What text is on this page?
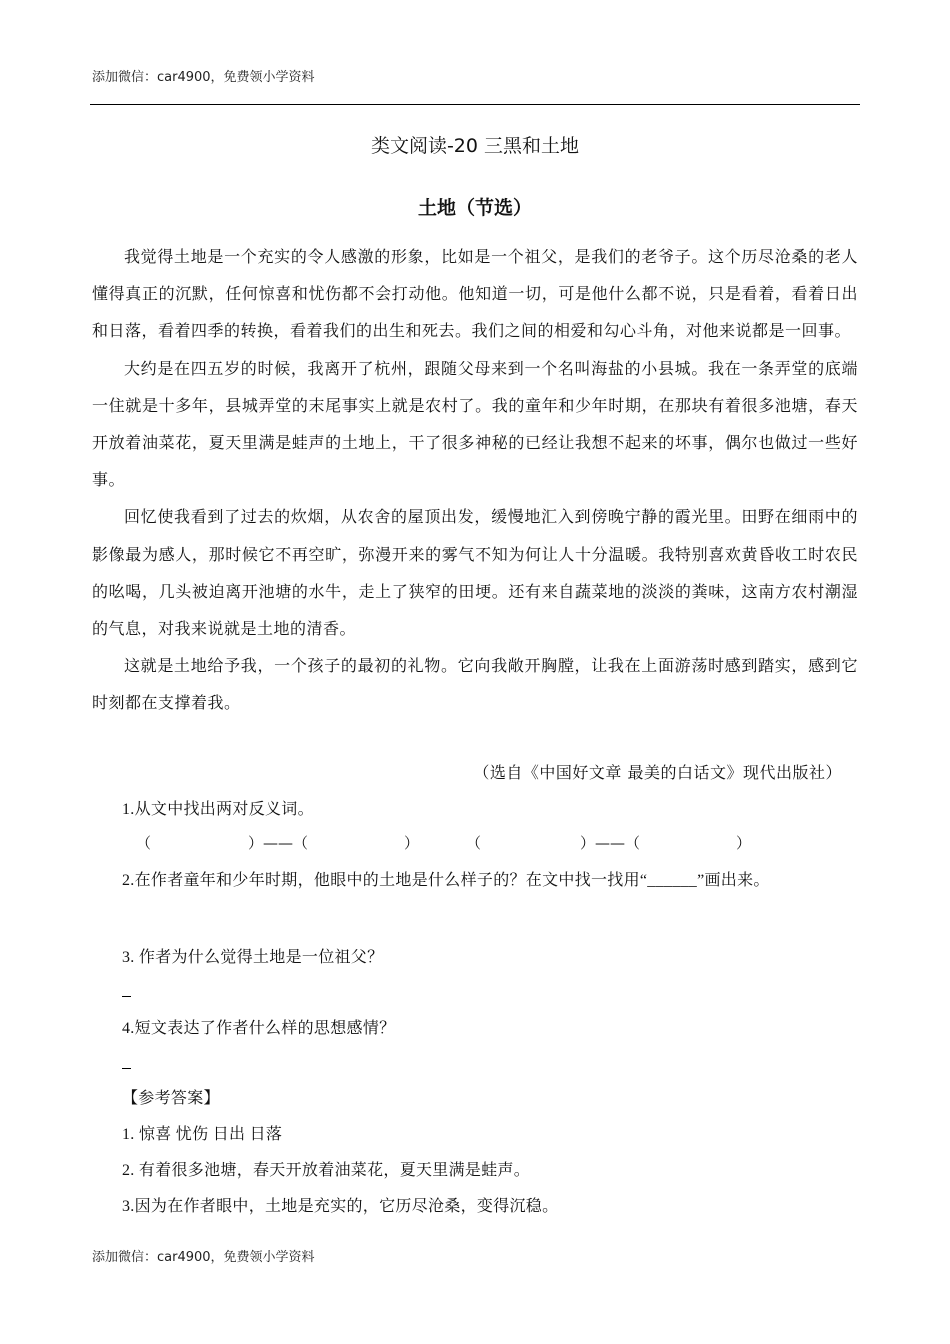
添加微信：car4900，免费领小学资料
类文阅读-20 三黑和土地
土地（节选）

我觉得土地是一个充实的令人感激的形象，比如是一个祖父，是我们的老爷子。这个历尽沧桑的老人懂得真正的沉默，任何惊喜和忧伤都不会打动他。他知道一切，可是他什么都不说，只是看着，看着日出和日落，看着四季的转换，看着我们的出生和死去。我们之间的相爱和勾心斗角，对他来说都是一回事。

大约是在四五岁的时候，我离开了杭州，跟随父母来到一个名叫海盐的小县城。我在一条弄堂的底端一住就是十多年，县城弄堂的末尾事实上就是农村了。我的童年和少年时期，在那块有着很多池塘，春天开放着油菜花，夏天里满是蛙声的土地上，干了很多神秘的已经让我想不起来的坏事，偶尔也做过一些好事。

回忆使我看到了过去的炊烟，从农舍的屋顶出发，缓慢地汇入到傍晚宁静的霞光里。田野在细雨中的影像最为感人，那时候它不再空旷，弥漫开来的雾气不知为何让人十分温暖。我特别喜欢黄昏收工时农民的吆喝，几头被迫离开池塘的水牛，走上了狭窄的田埂。还有来自蔬菜地的淡淡的粪味，这南方农村潮湿的气息，对我来说就是土地的清香。

这就是土地给予我，一个孩子的最初的礼物。它向我敞开胸膛，让我在上面游荡时感到踏实，感到它时刻都在支撑着我。

（选自《中国好文章 最美的白话文》现代出版社）
1.从文中找出两对反义词。
（	）——（	）	（	）——（	）
2.在作者童年和少年时期，他眼中的土地是什么样子的？在文中找一找用“______”画出来。
3. 作者为什么觉得土地是一位祖父？
4.短文表达了作者什么样的思想感情？
【参考答案】
1. 惊喜 忧伤 日出 日落
2. 有着很多池塘，春天开放着油菜花，夏天里满是蛙声。
3.因为在作者眼中，土地是充实的，它历尽沧桑，变得沉稳。
添加微信：car4900，免费领小学资料
